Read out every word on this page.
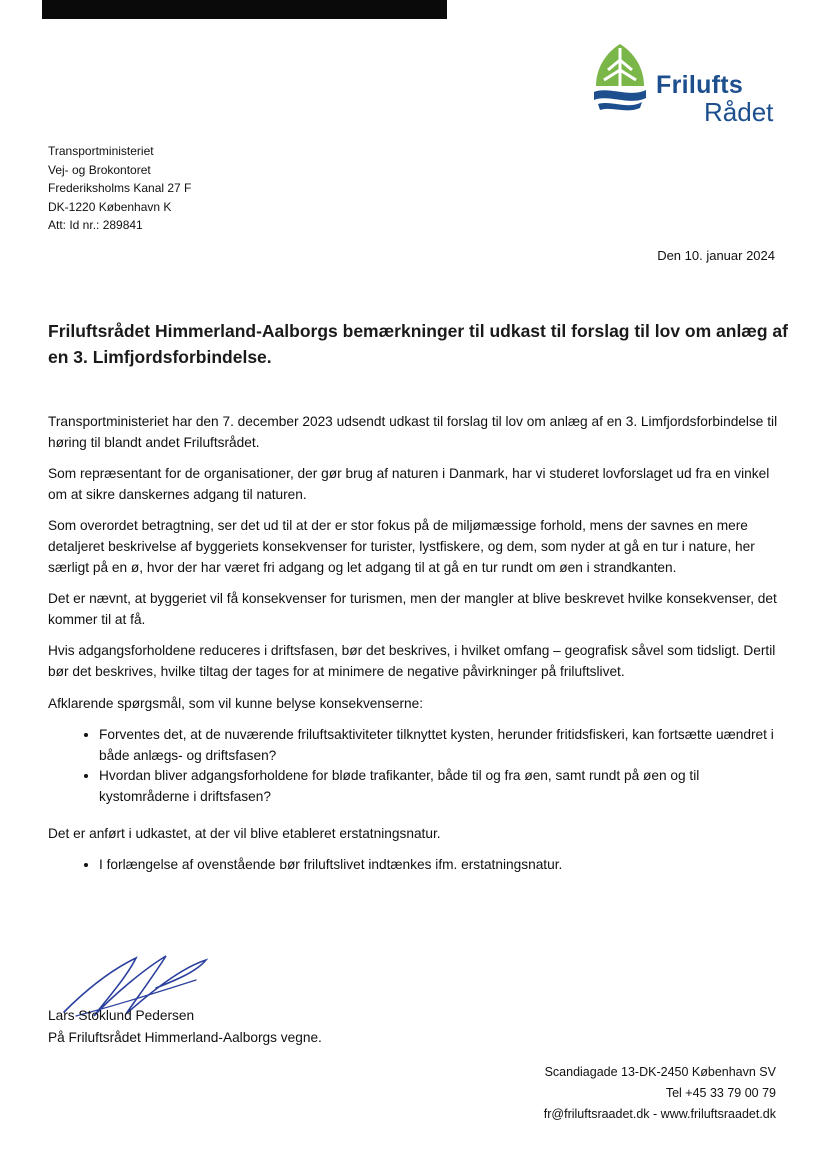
Frilufts
Rådet
Transportministeriet
Vej- og Brokontoret
Frederiksholms Kanal 27 F
DK-1220 København K
Att: Id nr.: 289841
Den 10. januar 2024
Friluftsrådet Himmerland-Aalborgs bemærkninger til udkast til forslag til lov om anlæg af en 3. Limfjordsforbindelse.

Transportministeriet har den 7. december 2023 udsendt udkast til forslag til lov om anlæg af en 3. Limfjordsforbindelse til høring til blandt andet Friluftsrådet.

Som repræsentant for de organisationer, der gør brug af naturen i Danmark, har vi studeret lovforslaget ud fra en vinkel om at sikre danskernes adgang til naturen.

Som overordet betragtning, ser det ud til at der er stor fokus på de miljømæssige forhold, mens der savnes en mere detaljeret beskrivelse af byggeriets konsekvenser for turister, lystfiskere, og dem, som nyder at gå en tur i nature, her særligt på en ø, hvor der har været fri adgang og let adgang til at gå en tur rundt om øen i strandkanten.

Det er nævnt, at byggeriet vil få konsekvenser for turismen, men der mangler at blive beskrevet hvilke konsekvenser, det kommer til at få.

Hvis adgangsforholdene reduceres i driftsfasen, bør det beskrives, i hvilket omfang – geografisk såvel som tidsligt. Dertil bør det beskrives, hvilke tiltag der tages for at minimere de negative påvirkninger på friluftslivet.

Afklarende spørgsmål, som vil kunne belyse konsekvenserne:

• Forventes det, at de nuværende friluftsaktiviteter tilknyttet kysten, herunder fritidsfiskeri, kan fortsætte uændret i både anlægs- og driftsfasen?
• Hvordan bliver adgangsforholdene for bløde trafikanter, både til og fra øen, samt rundt på øen og til kystområderne i driftsfasen?

Det er anført i udkastet, at der vil blive etableret erstatningsnatur.

• I forlængelse af ovenstående bør friluftslivet indtænkes ifm. erstatningsnatur.
Lars Stoklund Pedersen
På Friluftsrådet Himmerland-Aalborgs vegne.
Scandiagade 13-DK-2450 København SV
Tel +45 33 79 00 79
fr@friluftsraadet.dk - www.friluftsraadet.dk
